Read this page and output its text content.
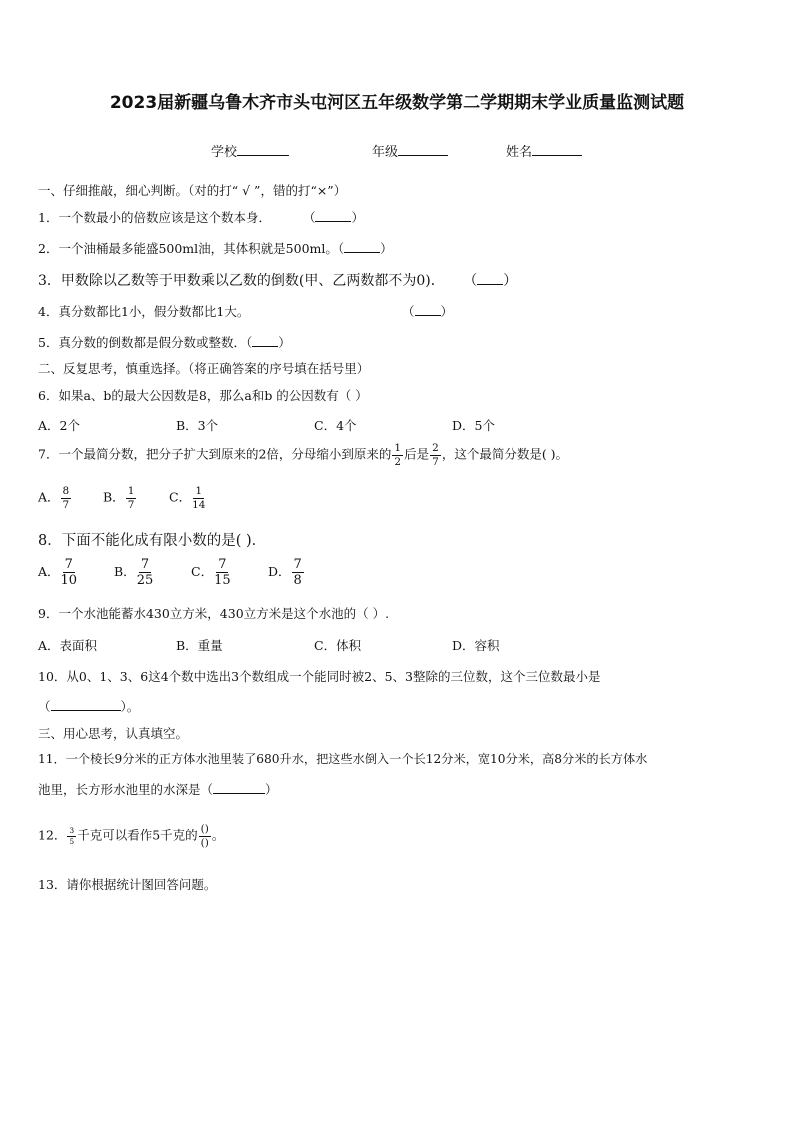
2023届新疆乌鲁木齐市头屯河区五年级数学第二学期期末学业质量监测试题
学校	年级	姓名
一、仔细推敲，细心判断。（对的打“ √ ”，错的打“×”）
1．一个数最小的倍数应该是这个数本身．	（	）
2．一个油桶最多能盛500ml油，其体积就是500ml。（	）
3．甲数除以乙数等于甲数乘以乙数的倒数(甲、乙两数都不为0)． （ ）
4．真分数都比1小，假分数都比1大。	（ ）
5．真分数的倒数都是假分数或整数．（ ）
二、反复思考，慎重选择。（将正确答案的序号填在括号里）
6．如果a、b的最大公因数是8，那么a和b 的公因数有（ ）
A．2个	B．3个	C．4个	D．5个
7．一个最简分数，把分子扩大到原来的2倍，分母缩小到原来的 $\frac{1}{2}$ 后是 $\frac{2}{7}$ ，这个最简分数是( )。
A． $\frac{8}{7}$	B． $\frac{1}{7}$	C． $\frac{1}{14}$
8．下面不能化成有限小数的是( )．
A． $\frac{7}{10}$	B． $\frac{7}{25}$	C． $\frac{7}{15}$	D． $\frac{7}{8}$
9．一个水池能蓄水430立方米，430立方米是这个水池的（ ）.
A．表面积	B．重量	C．体积	D．容积
10．从0、1、3、6这4个数中选出3个数组成一个能同时被2、5、3整除的三位数，这个三位数最小是
（	）。
三、用心思考，认真填空。
11．一个棱长9分米的正方体水池里装了680升水，把这些水倒入一个长12分米，宽10分米，高8分米的长方体水
池里，长方形水池里的水深是（	）
12． $\frac{3}{5}$ 千克可以看作5千克的 $\frac{()}{()}$ 。
13．请你根据统计图回答问题。
